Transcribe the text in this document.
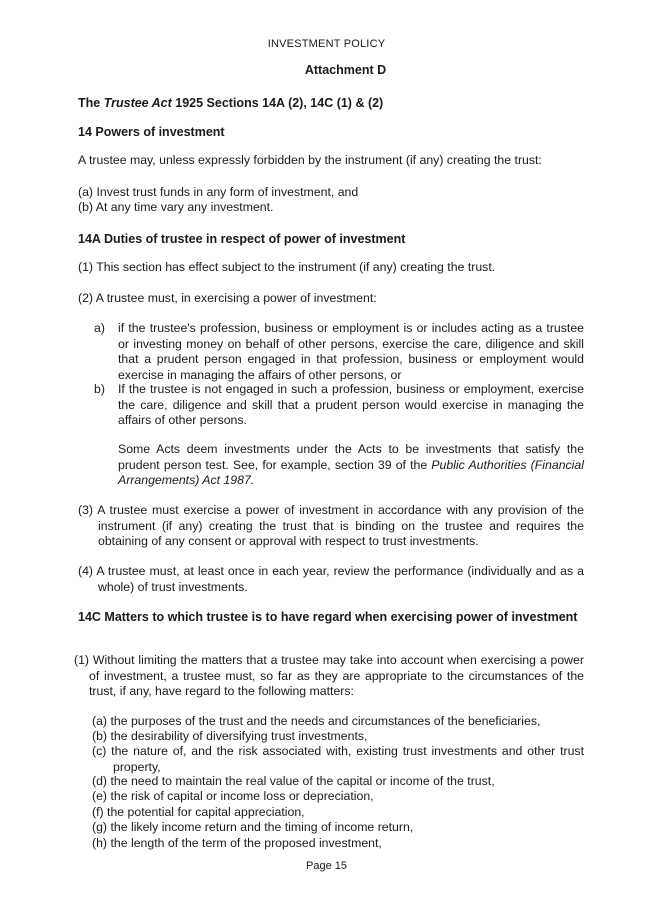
INVESTMENT POLICY
Attachment D
The Trustee Act 1925 Sections 14A (2), 14C (1) & (2)
14 Powers of investment
A trustee may, unless expressly forbidden by the instrument (if any) creating the trust:
(a) Invest trust funds in any form of investment, and
(b) At any time vary any investment.
14A Duties of trustee in respect of power of investment
(1) This section has effect subject to the instrument (if any) creating the trust.
(2) A trustee must, in exercising a power of investment:
a) if the trustee's profession, business or employment is or includes acting as a trustee or investing money on behalf of other persons, exercise the care, diligence and skill that a prudent person engaged in that profession, business or employment would exercise in managing the affairs of other persons, or
b) If the trustee is not engaged in such a profession, business or employment, exercise the care, diligence and skill that a prudent person would exercise in managing the affairs of other persons.
Some Acts deem investments under the Acts to be investments that satisfy the prudent person test. See, for example, section 39 of the Public Authorities (Financial Arrangements) Act 1987.
(3) A trustee must exercise a power of investment in accordance with any provision of the instrument (if any) creating the trust that is binding on the trustee and requires the obtaining of any consent or approval with respect to trust investments.
(4) A trustee must, at least once in each year, review the performance (individually and as a whole) of trust investments.
14C Matters to which trustee is to have regard when exercising power of investment
(1) Without limiting the matters that a trustee may take into account when exercising a power of investment, a trustee must, so far as they are appropriate to the circumstances of the trust, if any, have regard to the following matters:
(a) the purposes of the trust and the needs and circumstances of the beneficiaries,
(b) the desirability of diversifying trust investments,
(c) the nature of, and the risk associated with, existing trust investments and other trust property,
(d) the need to maintain the real value of the capital or income of the trust,
(e) the risk of capital or income loss or depreciation,
(f) the potential for capital appreciation,
(g) the likely income return and the timing of income return,
(h) the length of the term of the proposed investment,
Page 15
